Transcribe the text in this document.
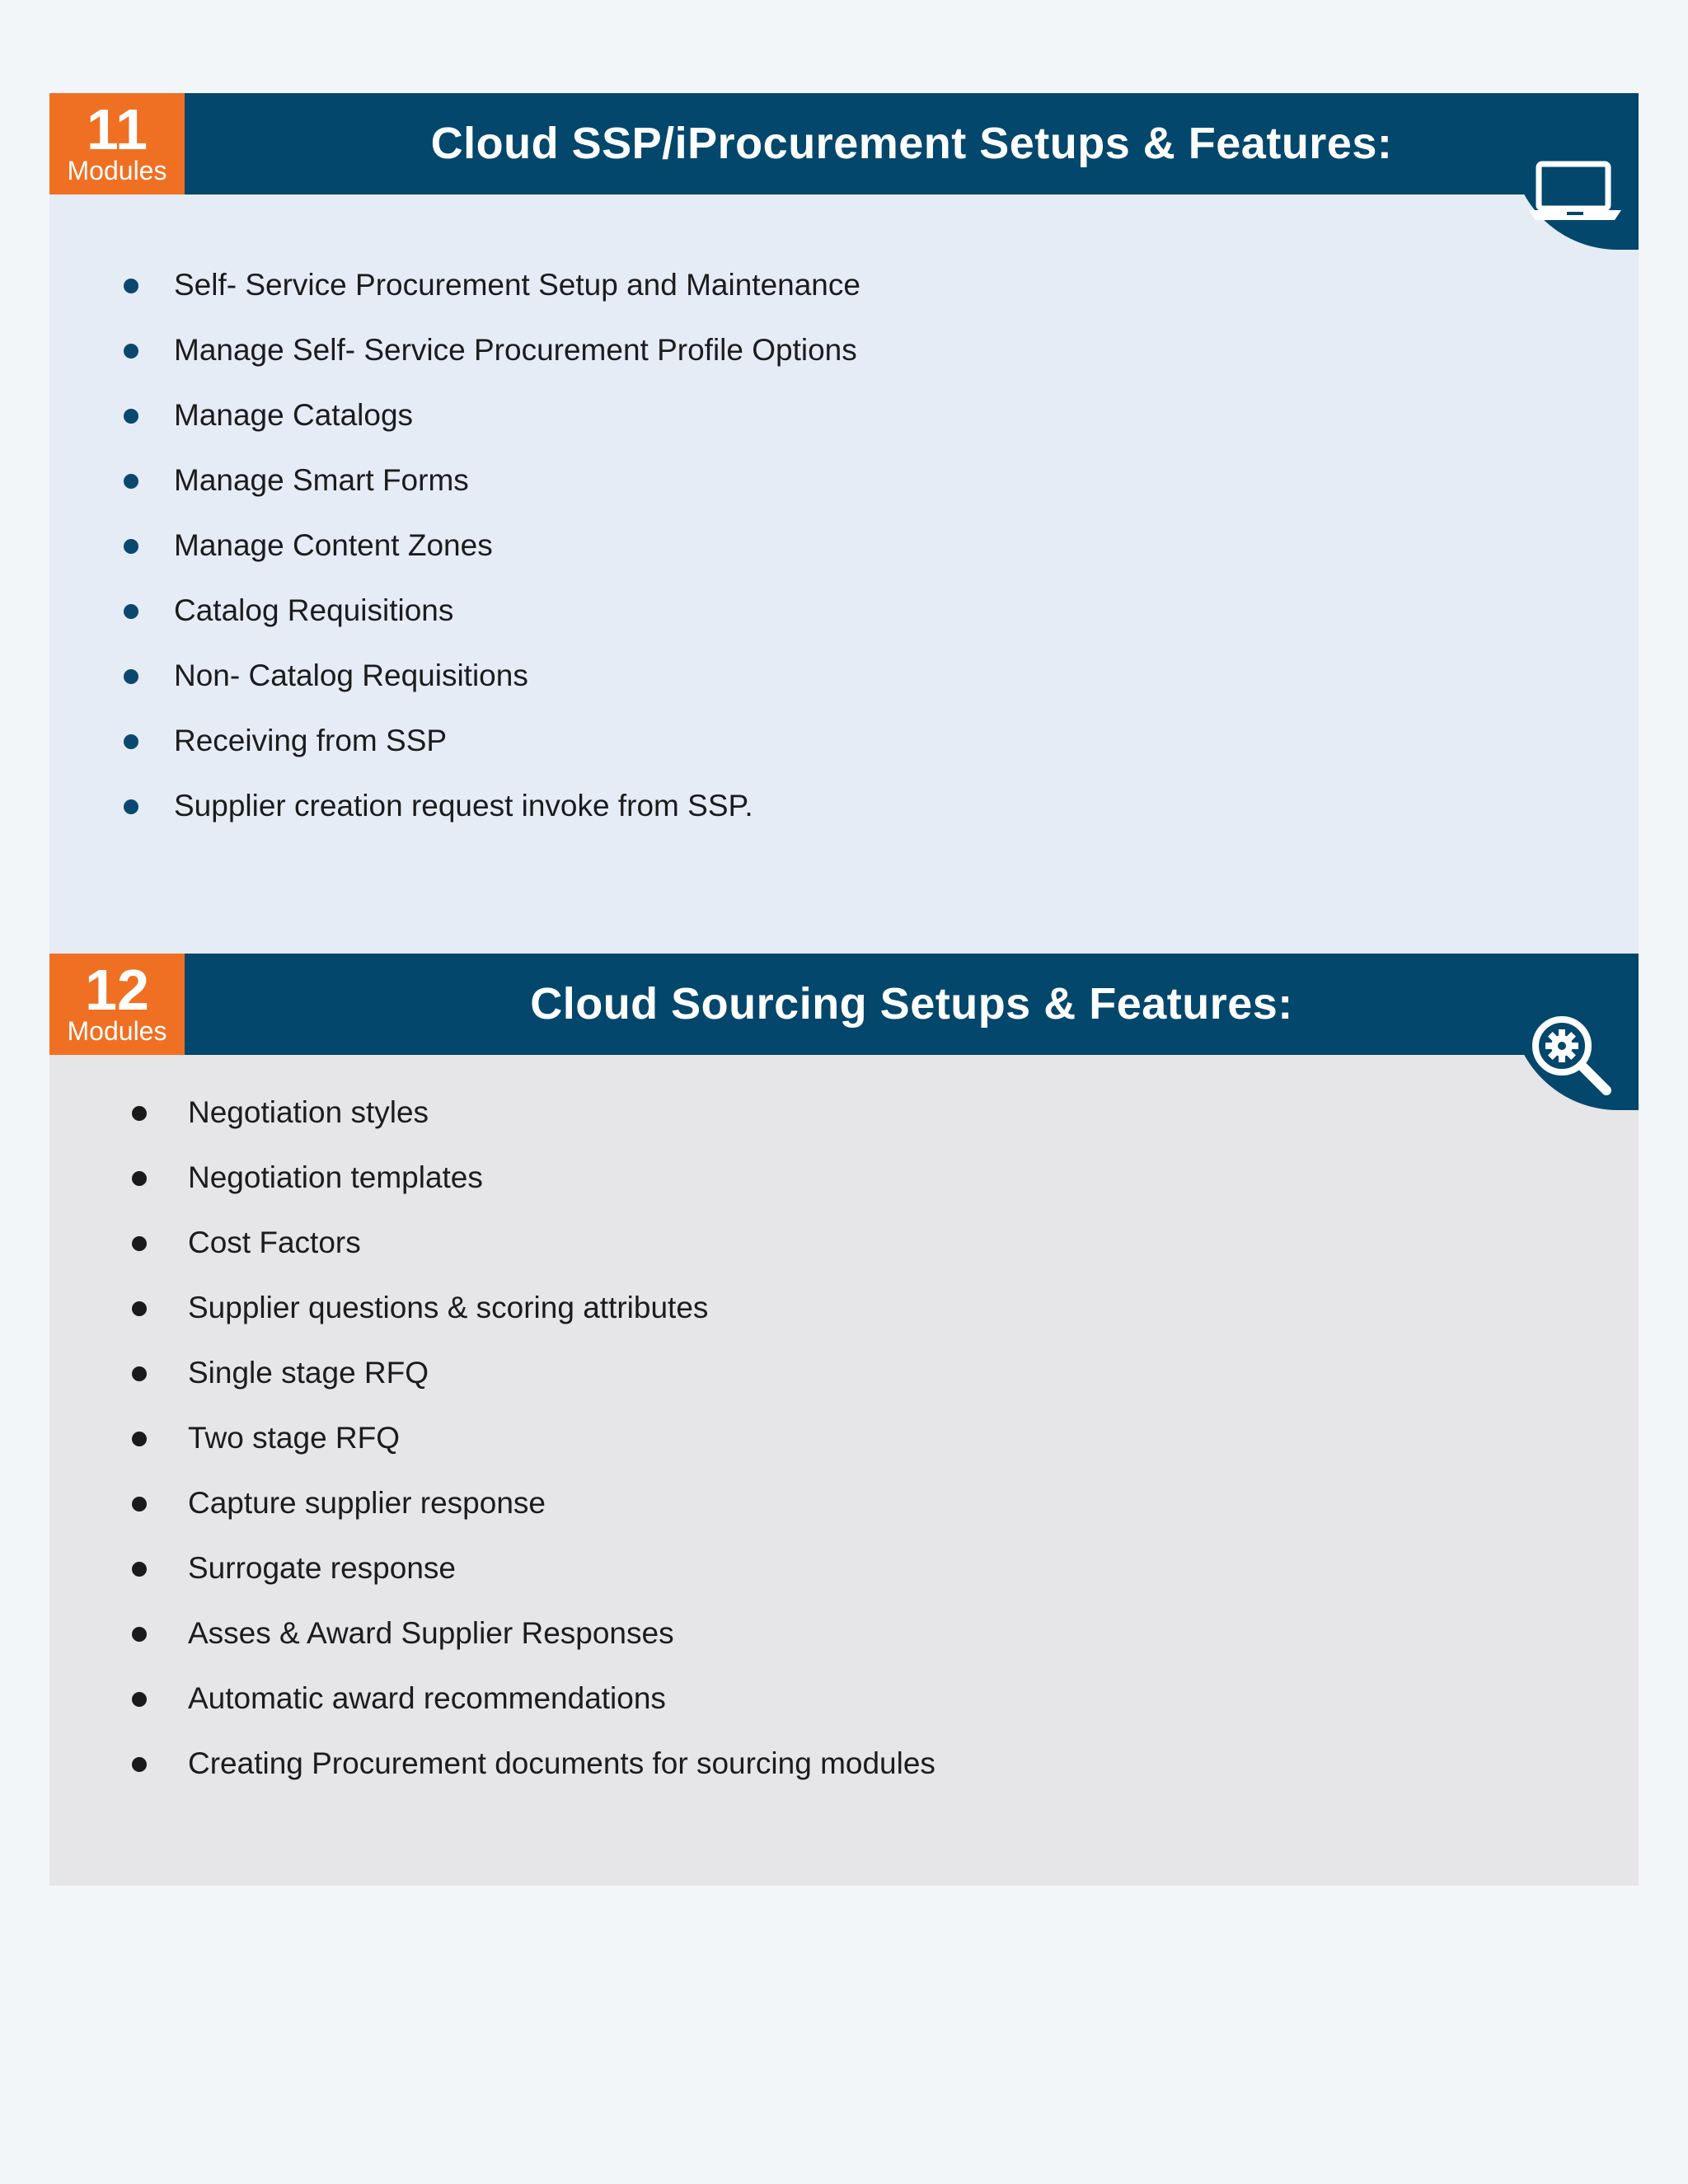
11
Modules
Cloud SSP/iProcurement Setups & Features:
Self- Service Procurement Setup and Maintenance
Manage Self- Service Procurement Profile Options
Manage Catalogs
Manage Smart Forms
Manage Content Zones
Catalog Requisitions
Non- Catalog Requisitions
Receiving from SSP
Supplier creation request invoke from SSP.
12
Modules
Cloud Sourcing Setups & Features:
Negotiation styles
Negotiation templates
Cost Factors
Supplier questions & scoring attributes
Single stage RFQ
Two stage RFQ
Capture supplier response
Surrogate response
Asses & Award Supplier Responses
Automatic award recommendations
Creating Procurement documents for sourcing modules
